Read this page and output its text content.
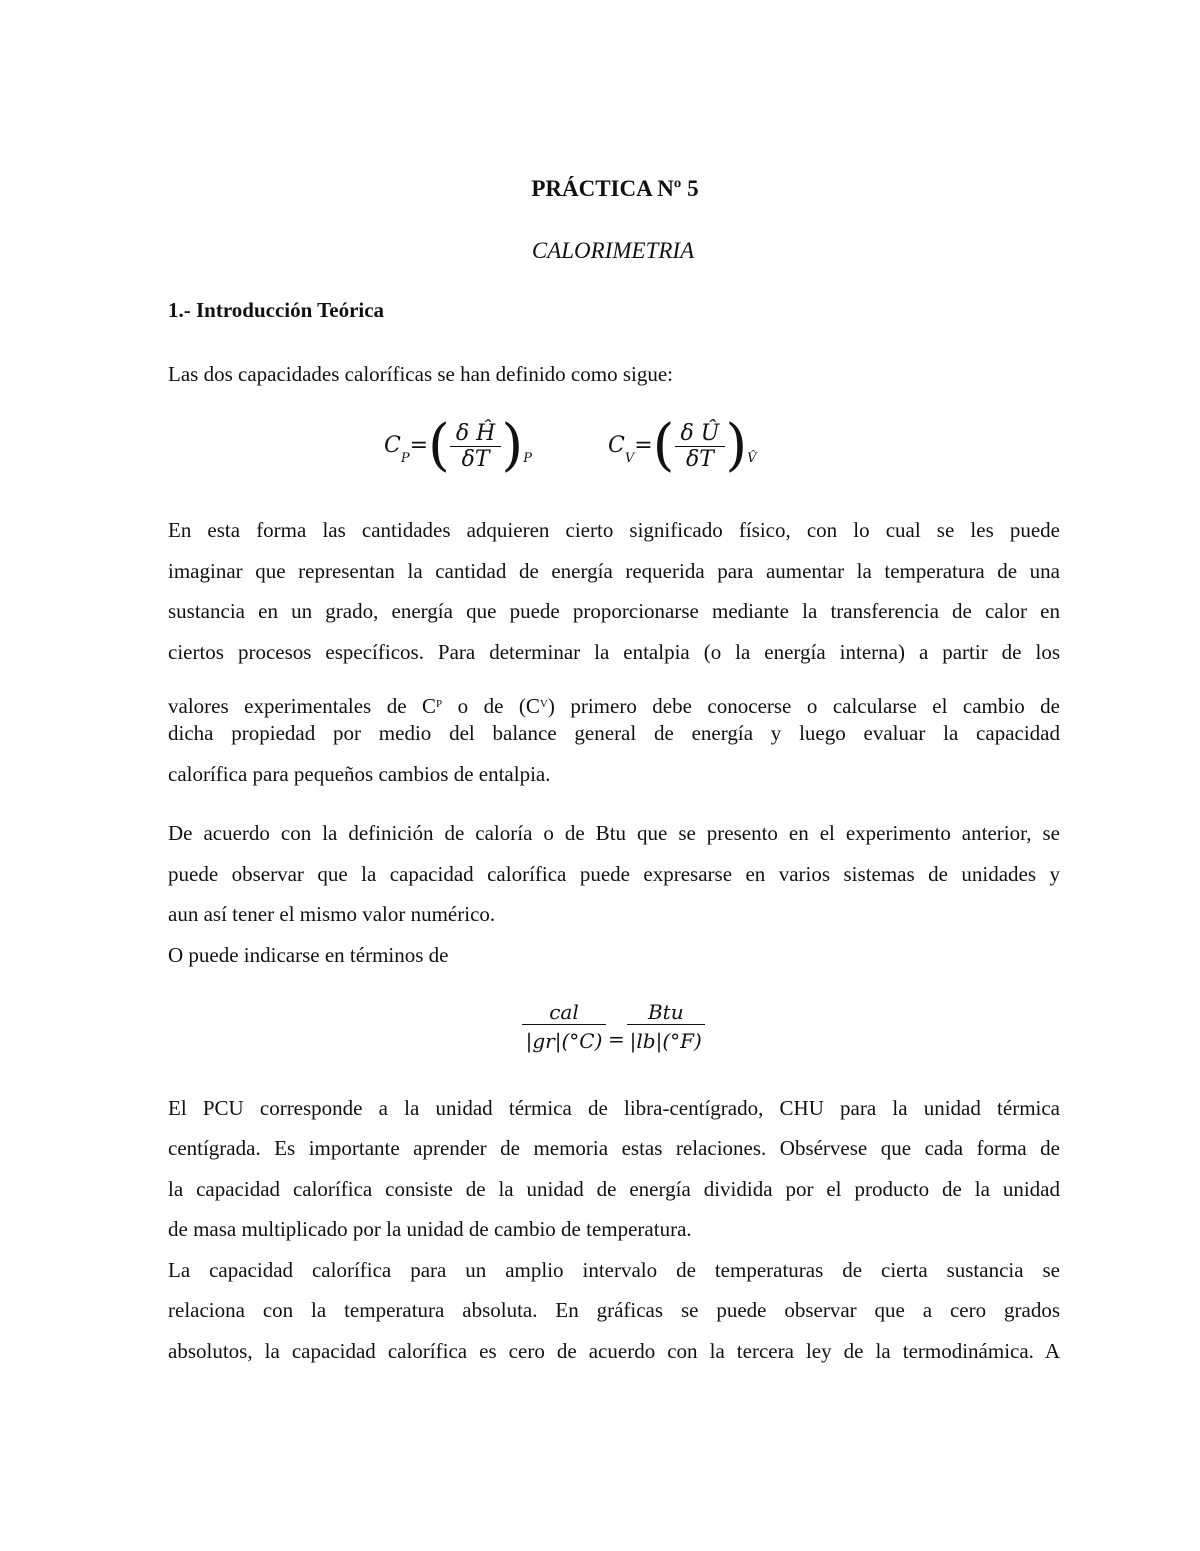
PRÁCTICA Nº 5
CALORIMETRIA
1.- Introducción Teórica
Las dos capacidades caloríficas se han definido como sigue:
$C_P=( \frac{\text{δ Ĥ}}{\delta T} )_P$
$C_V=( \frac{\text{δ Û}}{\delta T} )_{V̂}$
En esta forma las cantidades adquieren cierto significado físico, con lo cual se les puede
imaginar que representan la cantidad de energía requerida para aumentar la temperatura de una
sustancia en un grado, energía que puede proporcionarse mediante la transferencia de calor en
ciertos procesos específicos. Para determinar la entalpia (o la energía interna) a partir de los
valores experimentales de $C^P$ o de $(C^V)$ primero debe conocerse o calcularse el cambio de
dicha propiedad por medio del balance general de energía y luego evaluar la capacidad
calorífica para pequeños cambios de entalpia.
De acuerdo con la definición de caloría o de Btu que se presento en el experimento anterior, se
puede observar que la capacidad calorífica puede expresarse en varios sistemas de unidades y
aun así tener el mismo valor numérico.
O puede indicarse en términos de
$\frac{\text{cal}}{|gr|(^\circ C)} = \frac{\text{Btu}}{|lb|(^\circ F)}$
El PCU corresponde a la unidad térmica de libra-centígrado, CHU para la unidad térmica
centígrada. Es importante aprender de memoria estas relaciones. Obsérvese que cada forma de
la capacidad calorífica consiste de la unidad de energía dividida por el producto de la unidad
de masa multiplicado por la unidad de cambio de temperatura.
La capacidad calorífica para un amplio intervalo de temperaturas de cierta sustancia se
relaciona con la temperatura absoluta. En gráficas se puede observar que a cero grados
absolutos, la capacidad calorífica es cero de acuerdo con la tercera ley de la termodinámica. A
